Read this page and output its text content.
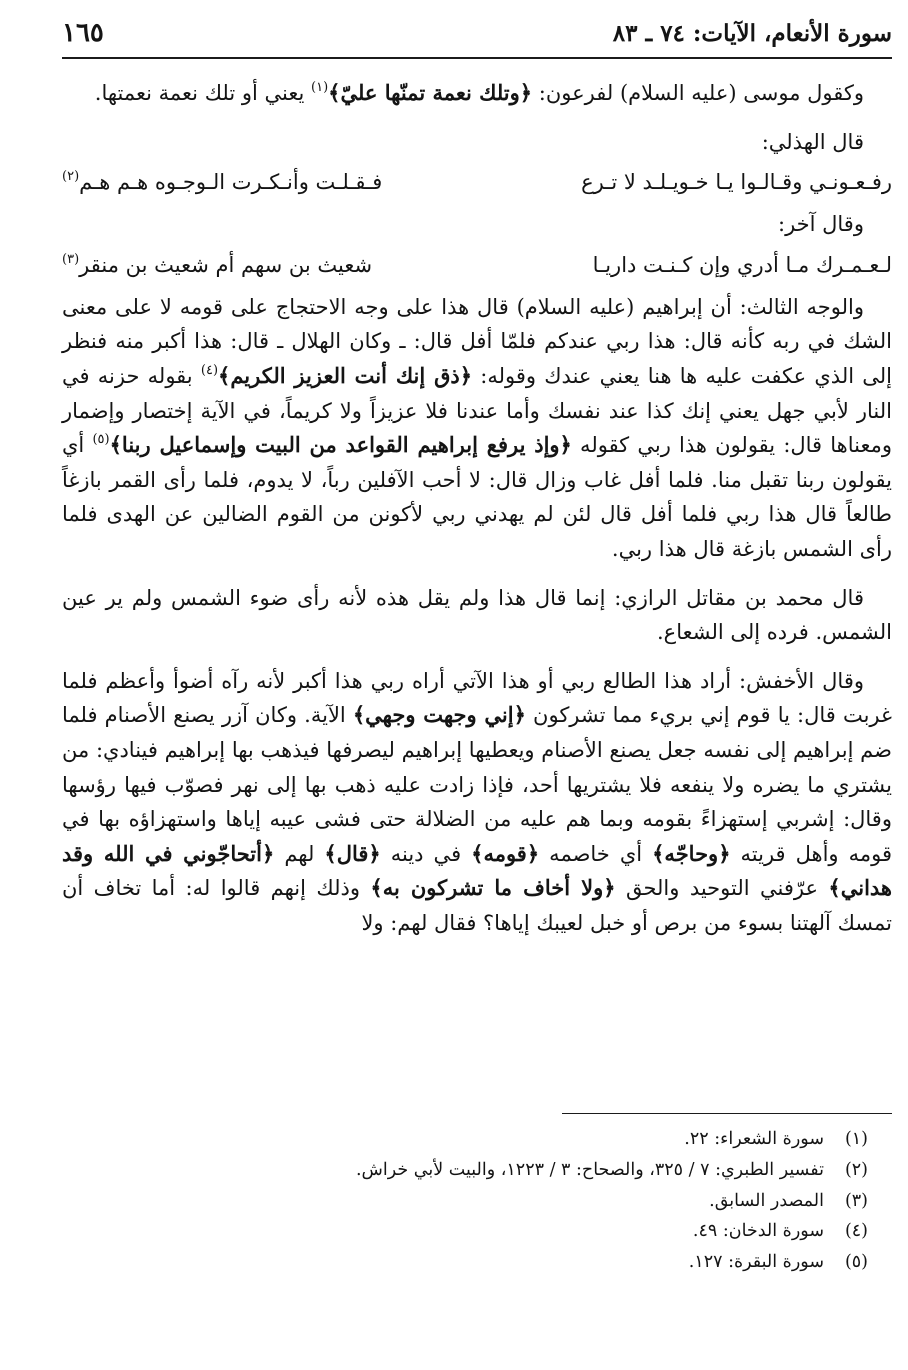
سورة الأنعام، الآيات: ٧٤ ـ ٨٣
١٦٥

وكقول موسى (عليه السلام) لفرعون: ﴿وتلك نعمة تمنّها عليّ﴾$^{(١)}$ يعني أو تلك نعمة نعمتها.

قال الهذلي:

رفـعـونـي وقـالـوا يـا خـويـلـد لا تـرع
فـقـلـت وأنـكـرت الـوجـوه هـم هـم$^{(٢)}$

وقال آخر:

لـعـمـرك مـا أدري وإن كـنـت داريـا
شعيث بن سهم أم شعيث بن منقر$^{(٣)}$

والوجه الثالث: أن إبراهيم (عليه السلام) قال هذا على وجه الاحتجاج على قومه لا على معنى الشك في ربه كأنه قال: هذا ربي عندكم فلمّا أفل قال: ـ وكان الهلال ـ قال: هذا أكبر منه فنظر إلى الذي عكفت عليه ها هنا يعني عندك وقوله: ﴿ذق إنك أنت العزيز الكريم﴾$^{(٤)}$ بقوله حزنه في النار لأبي جهل يعني إنك كذا عند نفسك وأما عندنا فلا عزيزاً ولا كريماً، في الآية إختصار وإضمار ومعناها قال: يقولون هذا ربي كقوله ﴿وإذ يرفع إبراهيم القواعد من البيت وإسماعيل ربنا﴾$^{(٥)}$ أي يقولون ربنا تقبل منا. فلما أفل غاب وزال قال: لا أحب الآفلين رباً، لا يدوم، فلما رأى القمر بازغاً طالعاً قال هذا ربي فلما أفل قال لئن لم يهدني ربي لأكونن من القوم الضالين عن الهدى فلما رأى الشمس بازغة قال هذا ربي.

قال محمد بن مقاتل الرازي: إنما قال هذا ولم يقل هذه لأنه رأى ضوء الشمس ولم ير عين الشمس. فرده إلى الشعاع.

وقال الأخفش: أراد هذا الطالع ربي أو هذا الآتي أراه ربي هذا أكبر لأنه رآه أضوأ وأعظم فلما غربت قال: يا قوم إني بريء مما تشركون ﴿إني وجهت وجهي﴾ الآية. وكان آزر يصنع الأصنام فلما ضم إبراهيم إلى نفسه جعل يصنع الأصنام ويعطيها إبراهيم ليصرفها فيذهب بها إبراهيم فينادي: من يشتري ما يضره ولا ينفعه فلا يشتريها أحد، فإذا زادت عليه ذهب بها إلى نهر فصوّب فيها رؤسها وقال: إشربي إستهزاءً بقومه وبما هم عليه من الضلالة حتى فشى عيبه إياها واستهزاؤه بها في قومه وأهل قريته ﴿وحاجّه﴾ أي خاصمه ﴿قومه﴾ في دينه ﴿قال﴾ لهم ﴿أتحاجّوني في الله وقد هداني﴾ عرّفني التوحيد والحق ﴿ولا أخاف ما تشركون به﴾ وذلك إنهم قالوا له: أما تخاف أن تمسك آلهتنا بسوء من برص أو خبل لعيبك إياها؟ فقال لهم: ولا

(١)
سورة الشعراء: ٢٢.
(٢)
تفسير الطبري: ٧ / ٣٢٥، والصحاح: ٣ / ١٢٢٣، والبيت لأبي خراش.
(٣)
المصدر السابق.
(٤)
سورة الدخان: ٤٩.
(٥)
سورة البقرة: ١٢٧.
